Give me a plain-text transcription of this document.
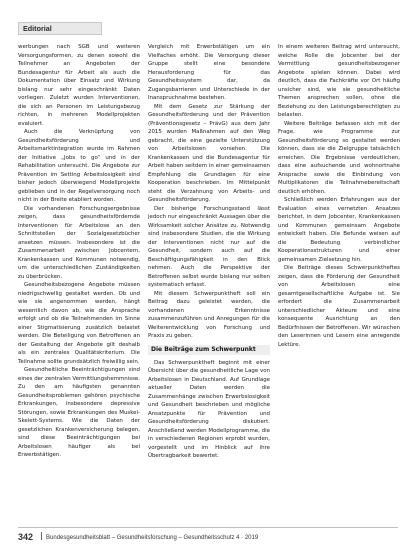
Editorial

werbungen nach SGB und weiteren Versorgungsformen, zu denen sowohl die Teilnehmer an Angeboten der Bundesagentur für Arbeit als auch die Dokumentation über Einsatz und Wirkung bislang nur sehr eingeschränkt Daten vorliegen. Zuletzt wurden Interventionen, die sich an Personen im Leistungsbezug richten, in mehreren Modellprojekten evaluiert.

Auch die Verknüpfung von Gesundheitsförderung und Arbeitsmarktintegration wurde im Rahmen der Initiative „Jobs to go“ und in der Rehabilitation untersucht. Die Angebote zur Prävention im Setting Arbeitslosigkeit sind bisher jedoch überwiegend Modellprojekte geblieben und in der Regelversorgung noch nicht in der Breite etabliert worden.

Die vorhandenen Forschungsergebnisse zeigen, dass gesundheitsfördernde Interventionen für Arbeitslose an den Schnittstellen der Sozialgesetzbücher ansetzen müssen. Insbesondere ist die Zusammenarbeit zwischen Jobcentern, Krankenkassen und Kommunen notwendig, um die unterschiedlichen Zuständigkeiten zu überbrücken.

Gesundheitsbezogene Angebote müssen niedrigschwellig gestaltet werden. Ob und wie sie angenommen werden, hängt wesentlich davon ab, wie die Ansprache erfolgt und ob die Teilnehmenden im Sinne einer Stigmatisierung zusätzlich belastet werden. Die Beteiligung von Betroffenen an der Gestaltung der Angebote gilt deshalb als ein zentrales Qualitätskriterium. Die Teilnahme sollte grundsätzlich freiwillig sein.

Gesundheitliche Beeinträchtigungen sind eines der zentralen Vermittlungshemmnisse. Zu den am häufigsten genannten Gesundheitsproblemen gehören psychische Erkrankungen, insbesondere depressive Störungen, sowie Erkrankungen des Muskel-Skelett-Systems. Wie die Daten der gesetzlichen Krankenversicherung belegen, sind diese Beeinträchtigungen bei Arbeitslosen häufiger als bei Erwerbstätigen.

Vergleich mit Erwerbstätigen um ein Vielfaches erhöht. Die Versorgung dieser Gruppe stellt eine besondere Herausforderung für das Gesundheitssystem dar, da Zugangsbarrieren und Unterschiede in der Inanspruchnahme bestehen.

Mit dem Gesetz zur Stärkung der Gesundheitsförderung und der Prävention (Präventionsgesetz – PrävG) aus dem Jahr 2015 wurden Maßnahmen auf den Weg gebracht, die eine gezielte Unterstützung von Arbeitslosen vorsehen. Die Krankenkassen und die Bundesagentur für Arbeit haben seitdem in einer gemeinsamen Empfehlung die Grundlagen für eine Kooperation beschrieben. Im Mittelpunkt steht die Verzahnung von Arbeits- und Gesundheitsförderung.

Der bisherige Forschungsstand lässt jedoch nur eingeschränkt Aussagen über die Wirksamkeit solcher Ansätze zu. Notwendig sind insbesondere Studien, die die Wirkung der Interventionen nicht nur auf die Gesundheit, sondern auch auf die Beschäftigungsfähigkeit in den Blick nehmen. Auch die Perspektive der Betroffenen selbst wurde bislang nur selten systematisch erfasst.

Mit diesem Schwerpunktheft soll ein Beitrag dazu geleistet werden, die vorhandenen Erkenntnisse zusammenzuführen und Anregungen für die Weiterentwicklung von Forschung und Praxis zu geben.

Die Beiträge zum Schwerpunkt

Das Schwerpunktheft beginnt mit einer Übersicht über die gesundheitliche Lage von Arbeitslosen in Deutschland. Auf Grundlage aktueller Daten werden die Zusammenhänge zwischen Erwerbslosigkeit und Gesundheit beschrieben und mögliche Ansatzpunkte für Prävention und Gesundheitsförderung diskutiert. Anschließend werden Modellprogramme, die in verschiedenen Regionen erprobt wurden, vorgestellt und im Hinblick auf ihre Übertragbarkeit bewertet.

In einem weiteren Beitrag wird untersucht, welche Rolle die Jobcenter bei der Vermittlung gesundheitsbezogener Angebote spielen können. Dabei wird deutlich, dass die Fachkräfte vor Ort häufig unsicher sind, wie sie gesundheitliche Themen ansprechen sollen, ohne die Beziehung zu den Leistungsberechtigten zu belasten.

Weitere Beiträge befassen sich mit der Frage, wie Programme zur Gesundheitsförderung so gestaltet werden können, dass sie die Zielgruppe tatsächlich erreichen. Die Ergebnisse verdeutlichen, dass eine aufsuchende und wohnortnahe Ansprache sowie die Einbindung von Multiplikatoren die Teilnahmebereitschaft deutlich erhöhen.

Schließlich werden Erfahrungen aus der Evaluation eines vernetzten Ansatzes berichtet, in dem Jobcenter, Krankenkassen und Kommunen gemeinsam Angebote entwickelt haben. Die Befunde weisen auf die Bedeutung verbindlicher Kooperationsstrukturen und einer gemeinsamen Zielsetzung hin.

Die Beiträge dieses Schwerpunktheftes zeigen, dass die Förderung der Gesundheit von Arbeitslosen eine gesamtgesellschaftliche Aufgabe ist. Sie erfordert die Zusammenarbeit unterschiedlicher Akteure und eine konsequente Ausrichtung an den Bedürfnissen der Betroffenen. Wir wünschen den Leserinnen und Lesern eine anregende Lektüre.

342 Bundesgesundheitsblatt – Gesundheitsforschung – Gesundheitsschutz 4 · 2019
